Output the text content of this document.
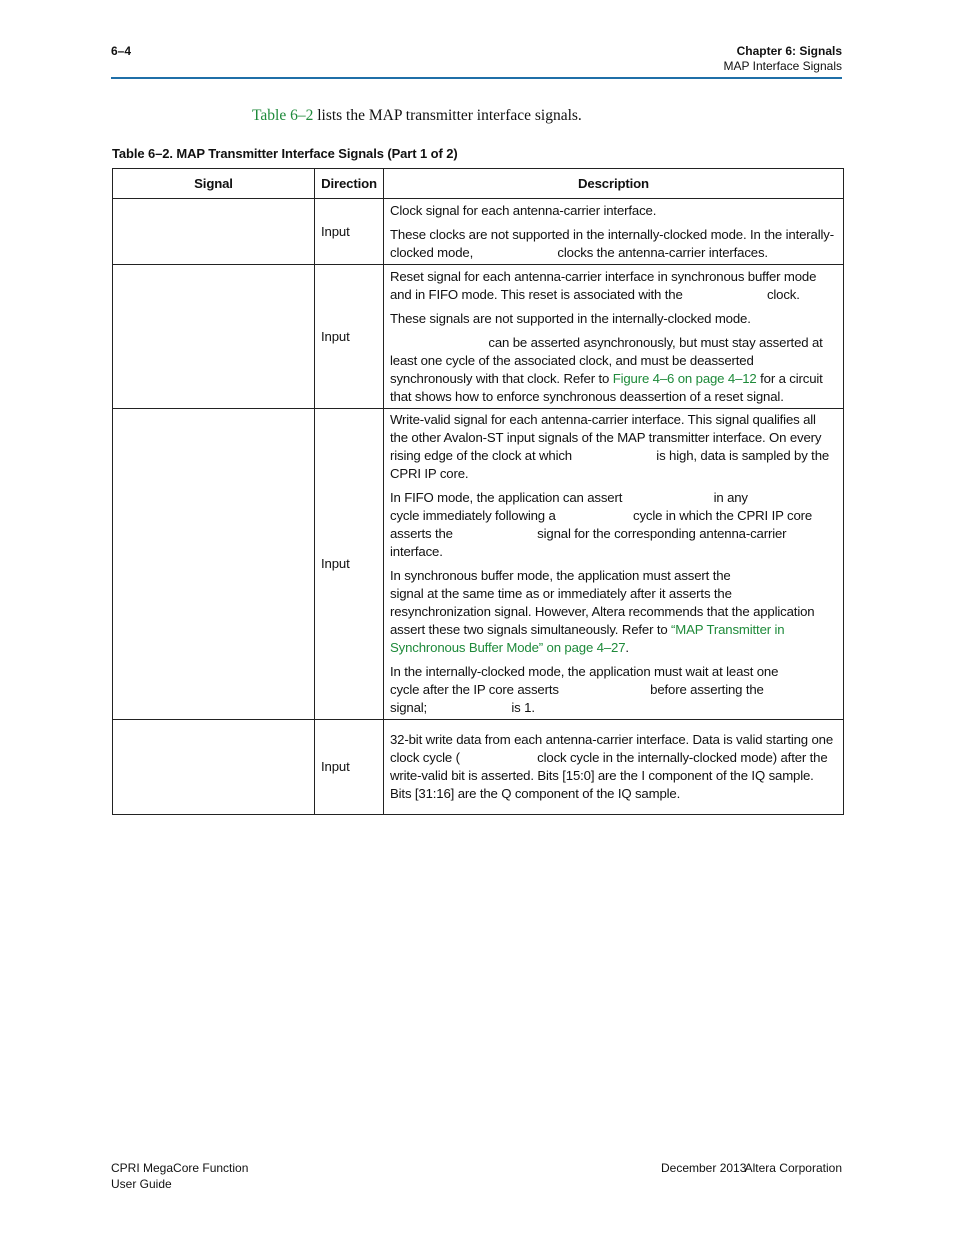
6–4	Chapter 6: Signals
MAP Interface Signals
Table 6–2 lists the MAP transmitter interface signals.
Table 6–2. MAP Transmitter Interface Signals (Part 1 of 2)
Signal	Direction	Description
	Input	Clock signal for each antenna-carrier interface.

These clocks are not supported in the internally-clocked mode. In the interally-clocked mode,                        clocks the antenna-carrier interfaces.

	Input	Reset signal for each antenna-carrier interface in synchronous buffer mode and in FIFO mode. This reset is associated with the                        clock.

These signals are not supported in the internally-clocked mode.

can be asserted asynchronously, but must stay asserted at least one cycle of the associated clock, and must be deasserted synchronously with that clock. Refer to Figure 4–6 on page 4–12 for a circuit that shows how to enforce synchronous deassertion of a reset signal.

	Input	Write-valid signal for each antenna-carrier interface. This signal qualifies all the other Avalon-ST input signals of the MAP transmitter interface. On every rising edge of the clock at which                        is high, data is sampled by the CPRI IP core.

In FIFO mode, the application can assert                          in any                     cycle immediately following a                      cycle in which the CPRI IP core asserts the                        signal for the corresponding antenna-carrier interface.

In synchronous buffer mode, the application must assert the                        signal at the same time as or immediately after it asserts the                         resynchronization signal. However, Altera recommends that the application assert these two signals simultaneously. Refer to “MAP Transmitter in Synchronous Buffer Mode” on page 4–27.

In the internally-clocked mode, the application must wait at least one                     cycle after the IP core asserts                          before asserting the                        signal;                        is 1.

	Input	32-bit write data from each antenna-carrier interface. Data is valid starting one                      clock cycle (                      clock cycle in the internally-clocked mode) after the write-valid bit is asserted. Bits [15:0] are the I component of the IQ sample. Bits [31:16] are the Q component of the IQ sample.

CPRI MegaCore Function
User Guide
December 2013
Altera Corporation
